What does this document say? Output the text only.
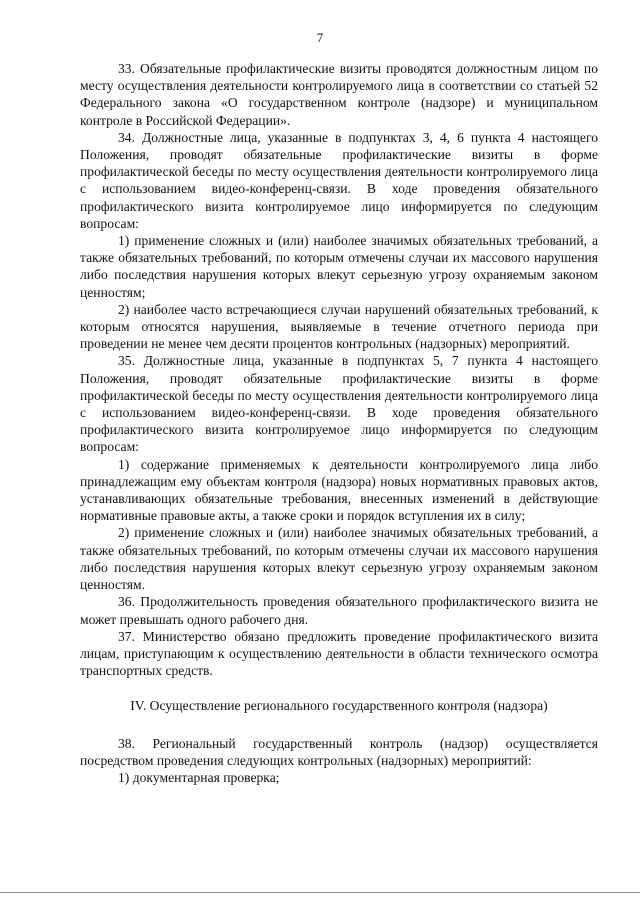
7

33. Обязательные профилактические визиты проводятся должностным лицом по месту осуществления деятельности контролируемого лица в соответствии со статьей 52 Федерального закона «О государственном контроле (надзоре) и муниципальном контроле в Российской Федерации».

34. Должностные лица, указанные в подпунктах 3, 4, 6 пункта 4 настоящего Положения, проводят обязательные профилактические визиты в форме профилактической беседы по месту осуществления деятельности контролируемого лица с использованием видео-конференц-связи. В ходе проведения обязательного профилактического визита контролируемое лицо информируется по следующим вопросам:

1) применение сложных и (или) наиболее значимых обязательных требований, а также обязательных требований, по которым отмечены случаи их массового нарушения либо последствия нарушения которых влекут серьезную угрозу охраняемым законом ценностям;

2) наиболее часто встречающиеся случаи нарушений обязательных требований, к которым относятся нарушения, выявляемые в течение отчетного периода при проведении не менее чем десяти процентов контрольных (надзорных) мероприятий.

35. Должностные лица, указанные в подпунктах 5, 7 пункта 4 настоящего Положения, проводят обязательные профилактические визиты в форме профилактической беседы по месту осуществления деятельности контролируемого лица с использованием видео-конференц-связи. В ходе проведения обязательного профилактического визита контролируемое лицо информируется по следующим вопросам:

1) содержание применяемых к деятельности контролируемого лица либо принадлежащим ему объектам контроля (надзора) новых нормативных правовых актов, устанавливающих обязательные требования, внесенных изменений в действующие нормативные правовые акты, а также сроки и порядок вступления их в силу;

2) применение сложных и (или) наиболее значимых обязательных требований, а также обязательных требований, по которым отмечены случаи их массового нарушения либо последствия нарушения которых влекут серьезную угрозу охраняемым законом ценностям.

36. Продолжительность проведения обязательного профилактического визита не может превышать одного рабочего дня.

37. Министерство обязано предложить проведение профилактического визита лицам, приступающим к осуществлению деятельности в области технического осмотра транспортных средств.

IV. Осуществление регионального государственного контроля (надзора)

38. Региональный государственный контроль (надзор) осуществляется посредством проведения следующих контрольных (надзорных) мероприятий:

1) документарная проверка;
